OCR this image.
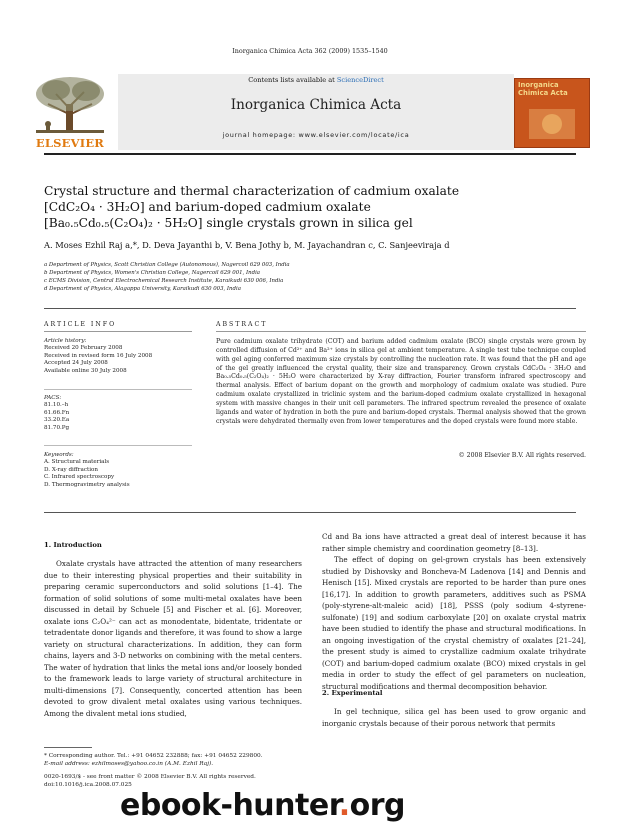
Inorganica Chimica Acta 362 (2009) 1535–1540
ELSEVIER
Contents lists available at ScienceDirect
Inorganica Chimica Acta
journal homepage: www.elsevier.com/locate/ica
Inorganica Chimica Acta
Crystal structure and thermal characterization of cadmium oxalate
[CdC₂O₄ · 3H₂O] and barium-doped cadmium oxalate
[Ba₀.₅Cd₀.₅(C₂O₄)₂ · 5H₂O] single crystals grown in silica gel
A. Moses Ezhil Raj a,*, D. Deva Jayanthi b, V. Bena Jothy b, M. Jayachandran c, C. Sanjeeviraja d
a Department of Physics, Scott Christian College (Autonomous), Nagercoil 629 003, India
b Department of Physics, Women's Christian College, Nagercoil 629 001, India
c ECMS Division, Central Electrochemical Research Institute, Karaikudi 630 006, India
d Department of Physics, Alagappa University, Karaikudi 630 003, India
ARTICLE INFO	ABSTRACT
Article history:
Received 20 February 2008
Received in revised form 16 July 2008
Accepted 24 July 2008
Available online 30 July 2008
PACS:
81.10.–h
61.66.Fn
33.20.Ea
81.70.Pg
Keywords:
A. Structural materials
D. X-ray diffraction
C. Infrared spectroscopy
D. Thermogravimetry analysis
Pure cadmium oxalate trihydrate (COT) and barium added cadmium oxalate (BCO) single crystals were grown by controlled diffusion of Cd²⁺ and Ba²⁺ ions in silica gel at ambient temperature. A single test tube technique coupled with gel aging conferred maximum size crystals by controlling the nucleation rate. It was found that the pH and age of the gel greatly influenced the crystal quality, their size and transparency. Grown crystals CdC₂O₄ · 3H₂O and Ba₀.₅Cd₀.₅(C₂O₄)₂ · 5H₂O were characterized by X-ray diffraction, Fourier transform infrared spectroscopy and thermal analysis. Effect of barium dopant on the growth and morphology of cadmium oxalate was studied. Pure cadmium oxalate crystallized in triclinic system and the barium-doped cadmium oxalate crystallized in hexagonal system with massive changes in their unit cell parameters. The infrared spectrum revealed the presence of oxalate ligands and water of hydration in both the pure and barium-doped crystals. Thermal analysis showed that the grown crystals were dehydrated thermally even from lower temperatures and the doped crystals were found more stable.
© 2008 Elsevier B.V. All rights reserved.
1. Introduction
Oxalate crystals have attracted the attention of many researchers due to their interesting physical properties and their suitability in preparing ceramic superconductors and solid solutions [1–4]. The formation of solid solutions of some multi-metal oxalates have been discussed in detail by Schuele [5] and Fischer et al. [6]. Moreover, oxalate ions C₂O₄²⁻ can act as monodentate, bidentate, tridentate or tetradentate donor ligands and therefore, it was found to show a large variety on structural characterizations. In addition, they can form chains, layers and 3-D networks on combining with the metal centers. The water of hydration that links the metal ions and/or loosely bonded to the framework leads to large variety of structural architecture in multi-dimensions [7]. Consequently, concerted attention has been devoted to grow divalent metal oxalates using various techniques. Among the divalent metal ions studied,
Cd and Ba ions have attracted a great deal of interest because it has rather simple chemistry and coordination geometry [8–13].
The effect of doping on gel-grown crystals has been extensively studied by Dishovsky and Boncheva-M Ladenova [14] and Dennis and Henisch [15]. Mixed crystals are reported to be harder than pure ones [16,17]. In addition to growth parameters, additives such as PSMA (poly-styrene-alt-maleic acid) [18], PSSS (poly sodium 4-styrene-sulfonate) [19] and sodium carboxylate [20] on oxalate crystal matrix have been studied to identify the phase and structural modifications. In an ongoing investigation of the crystal chemistry of oxalates [21–24], the present study is aimed to crystallize cadmium oxalate trihydrate (COT) and barium-doped cadmium oxalate (BCO) mixed crystals in gel media in order to study the effect of gel parameters on nucleation, structural modifications and thermal decomposition behavior.
2. Experimental
In gel technique, silica gel has been used to grow organic and inorganic crystals because of their porous network that permits
* Corresponding author. Tel.: +91 04652 232888; fax: +91 04652 229800.
E-mail address: ezhilmoses@yahoo.co.in (A.M. Ezhil Raj).
0020-1693/$ - see front matter © 2008 Elsevier B.V. All rights reserved.
doi:10.1016/j.ica.2008.07.025
ebook-hunter.org
